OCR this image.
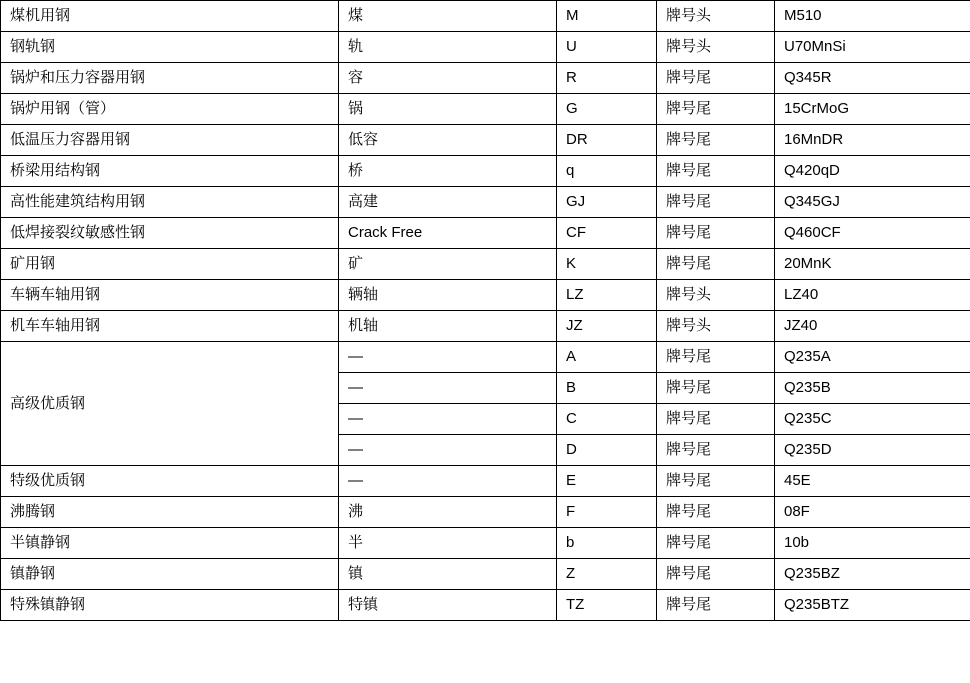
煤机用钢	煤	M	牌号头	M510
钢轨钢	轨	U	牌号头	U70MnSi
锅炉和压力容器用钢	容	R	牌号尾	Q345R
锅炉用钢（管）	锅	G	牌号尾	15CrMoG
低温压力容器用钢	低容	DR	牌号尾	16MnDR
桥梁用结构钢	桥	q	牌号尾	Q420qD
高性能建筑结构用钢	高建	GJ	牌号尾	Q345GJ
低焊接裂纹敏感性钢	Crack Free	CF	牌号尾	Q460CF
矿用钢	矿	K	牌号尾	20MnK
车辆车轴用钢	辆轴	LZ	牌号头	LZ40
机车车轴用钢	机轴	JZ	牌号头	JZ40
高级优质钢	—	A	牌号尾	Q235A
	—	B	牌号尾	Q235B
	—	C	牌号尾	Q235C
	—	D	牌号尾	Q235D
特级优质钢	—	E	牌号尾	45E
沸腾钢	沸	F	牌号尾	08F
半镇静钢	半	b	牌号尾	10b
镇静钢	镇	Z	牌号尾	Q235BZ
特殊镇静钢	特镇	TZ	牌号尾	Q235BTZ
